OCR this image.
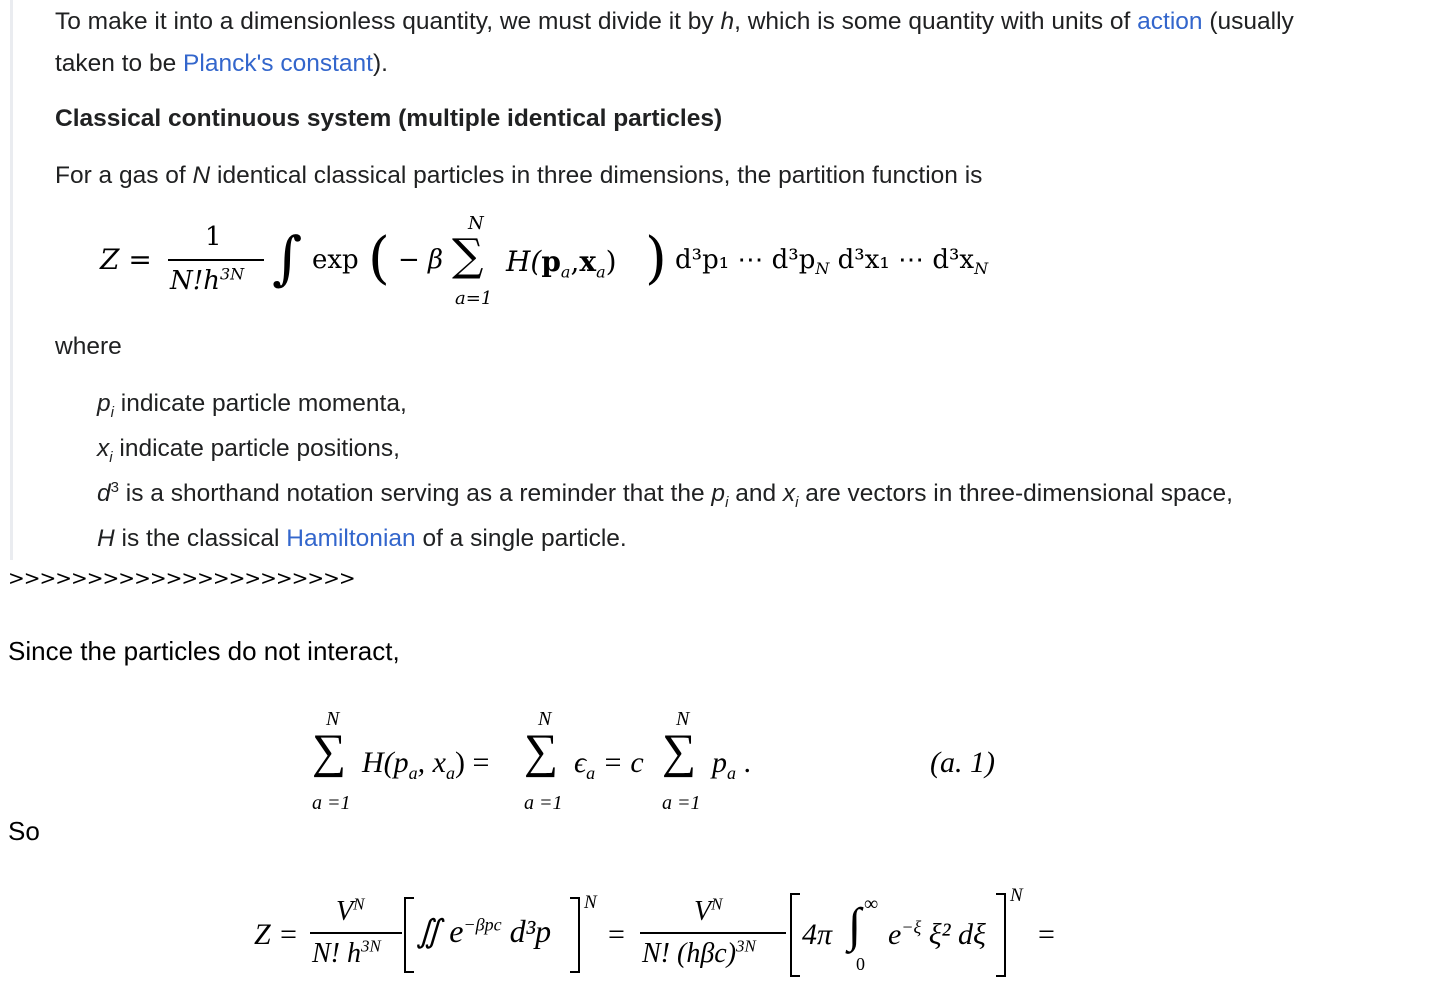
To make it into a dimensionless quantity, we must divide it by h, which is some quantity with units of action (usually

taken to be Planck's constant).

Classical continuous system (multiple identical particles)

For a gas of N identical classical particles in three dimensions, the partition function is

Z =
1
$N!h^{3N}$ ∫ exp ( − β
N
∑
a=1
$H(p_a,x_a)$ ) d³p₁ ⋯ $d^3p_N$ d³x₁ ⋯ $d^3x_N$
where
$p_i$ indicate particle momenta,
$x_i$ indicate particle positions,
$d^3$ is a shorthand notation serving as a reminder that the $p_i$ and $x_i$ are vectors in three-dimensional space,
H is the classical Hamiltonian of a single particle.
>>>>>>>>>>>>>>>>>>>>>>
Since the particles do not interact,
N
∑
a =1
$H(p_a$, $x_a$) =
N
∑
a =1
$\epsilon_a = c$
N
∑
a =1
$p_a$ .	(a. 1)
So
Z =
$V^N$
N! $h^{3N}$ ∬ $e^{-\beta pc}$ d³p
N
=
$V^N$
N! $(h\beta c)^{3N}$ 4π ∫ ∞
0
$e^{-\xi}$ ξ² dξ
N
=
